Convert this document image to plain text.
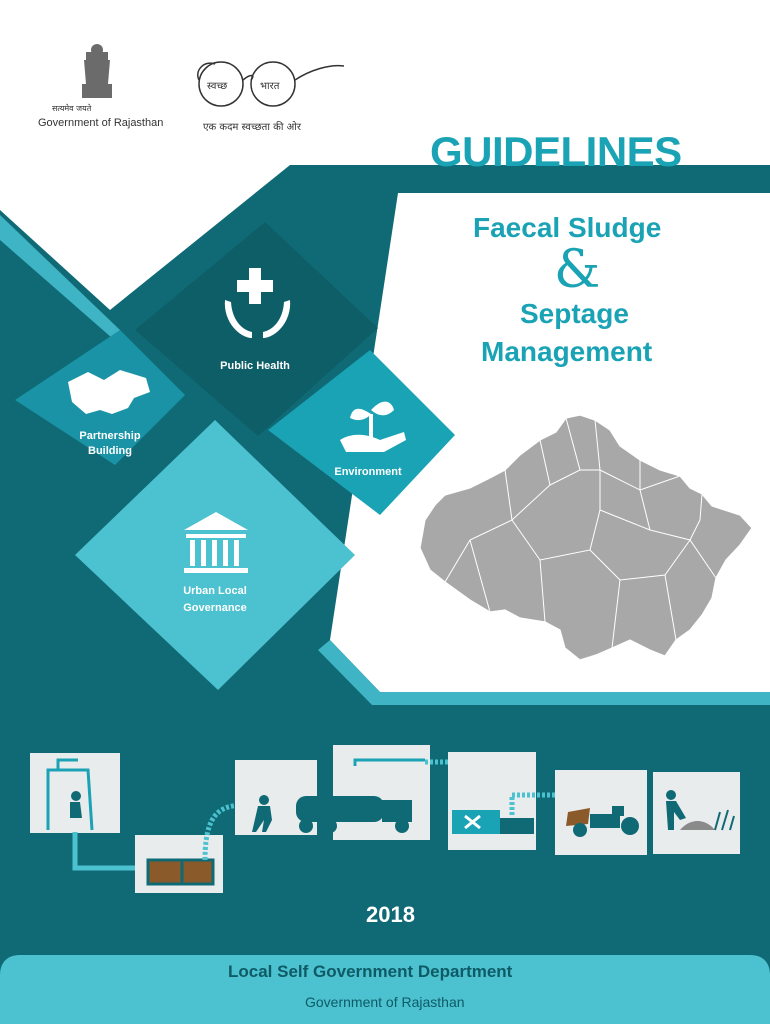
सत्यमेव जयते
Government of Rajasthan
स्वच्छ	भारत
एक कदम स्वच्छता की ओर
GUIDELINES
Faecal Sludge
&
Septage
Management
Public Health
Partnership
Building
Environment
Urban Local
Governance
2018
Local Self Government Department
Government of Rajasthan
